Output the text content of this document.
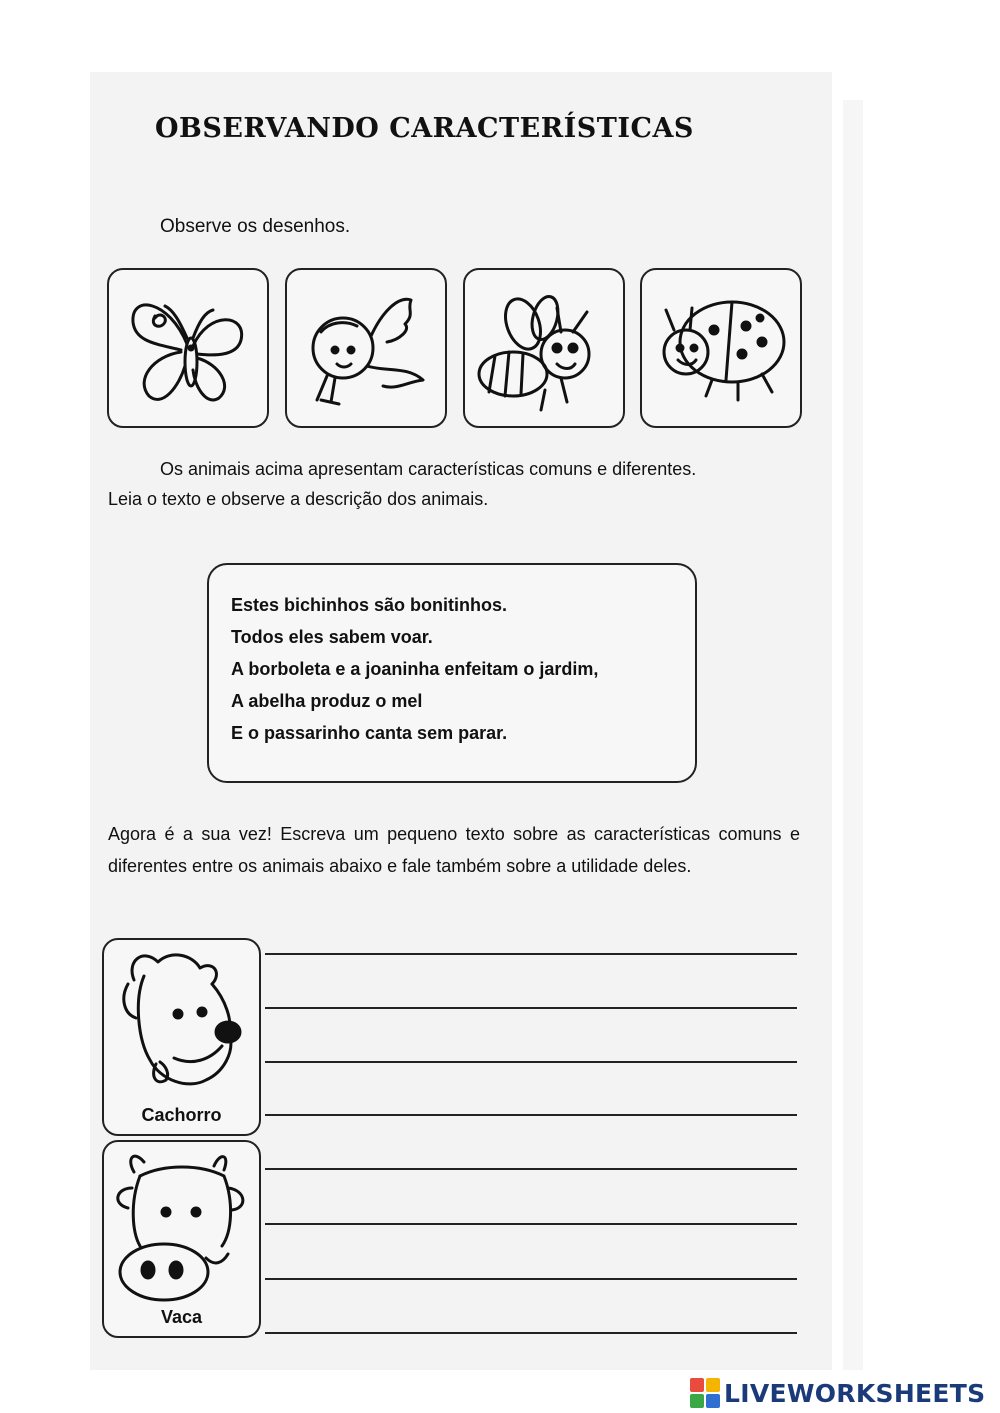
OBSERVANDO CARACTERÍSTICAS
Observe os desenhos.
Os animais acima apresentam características comuns e diferentes.
Leia o texto e observe a descrição dos animais.
Estes bichinhos são bonitinhos.
Todos eles sabem voar.
A borboleta e a joaninha enfeitam o jardim,
A abelha produz o mel
E o passarinho canta sem parar.
Agora é a sua vez! Escreva um pequeno texto sobre as características comuns e diferentes entre os animais abaixo e fale também sobre a utilidade deles.
Cachorro
Vaca
LIVEWORKSHEETS
